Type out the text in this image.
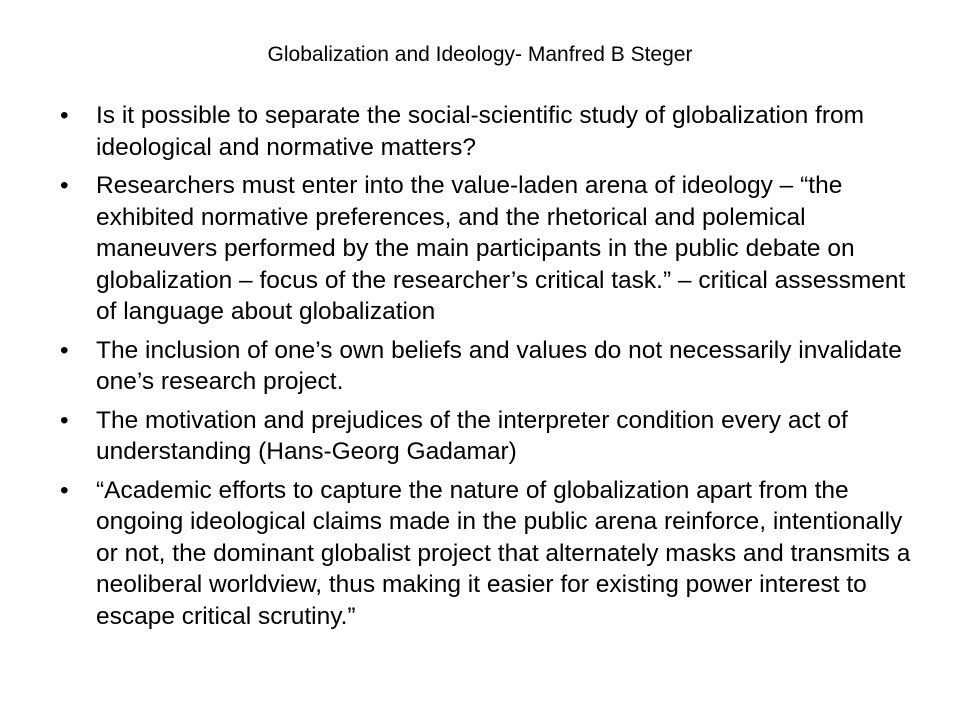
Globalization and Ideology- Manfred B Steger
•	Is it possible to separate the social-scientific study of globalization from ideological and normative matters?
•	Researchers must enter into the value-laden arena of ideology – “the exhibited normative preferences, and the rhetorical and polemical maneuvers performed by the main participants in the public debate on globalization – focus of the researcher’s critical task.” – critical assessment of language about globalization
•	The inclusion of one’s own beliefs and values do not necessarily invalidate one’s research project.
•	The motivation and prejudices of the interpreter condition every act of understanding (Hans-Georg Gadamar)
•	“Academic efforts to capture the nature of globalization apart from the ongoing ideological claims made in the public arena reinforce, intentionally or not, the dominant globalist project that alternately masks and transmits a neoliberal worldview, thus making it easier for existing power interest to escape critical scrutiny.”
